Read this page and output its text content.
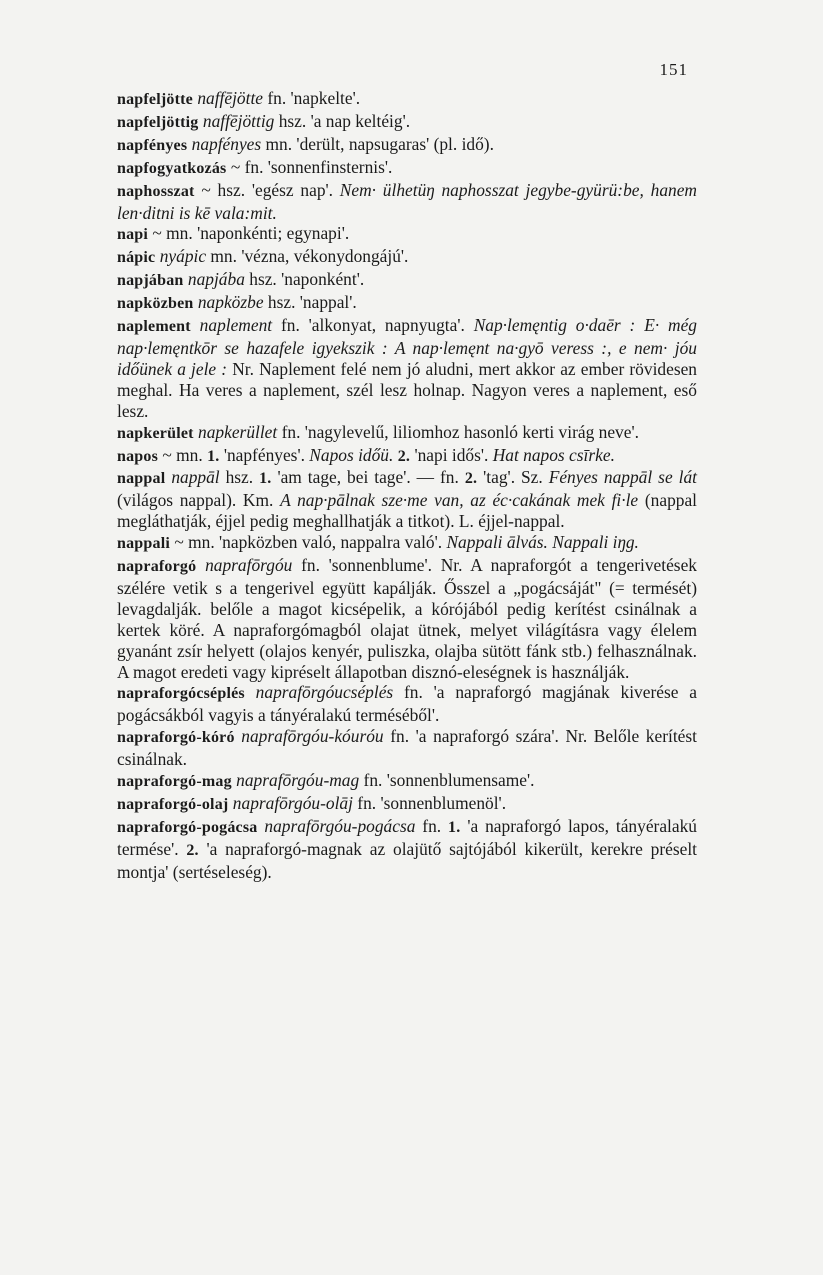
151

napfeljötte naffējötte fn. 'napkelte'.

napfeljöttig naffējöttig hsz. 'a nap keltéig'.

napfényes napfényes mn. 'derült, napsugaras' (pl. idő).

napfogyatkozás ~ fn. 'sonnenfinsternis'.

naphosszat ~ hsz. 'egész nap'. Nem· ülhetüŋ naphosszat jegybe-gyürü:be, hanem len·ditni is kē vala:mit.

napi ~ mn. 'naponkénti; egynapi'.

nápic nyápic mn. 'vézna, vékonydongájú'.

napjában napjába hsz. 'naponként'.

napközben napközbe hsz. 'nappal'.

naplement naplement fn. 'alkonyat, napnyugta'. Nap·lemęntig o·daēr : E· még nap·lemęntkōr se hazafele igyekszik : A nap·lemęnt na·gyō veress :, e nem· jóu időünek a jele : Nr. Naplement felé nem jó aludni, mert akkor az ember rövidesen meghal. Ha veres a naplement, szél lesz holnap. Nagyon veres a naplement, eső lesz.

napkerület napkerüllet fn. 'nagylevelű, liliomhoz hasonló kerti virág neve'.

napos ~ mn. 1. 'napfényes'. Napos időü. 2. 'napi idős'. Hat napos csīrke.

nappal nappāl hsz. 1. 'am tage, bei tage'. — fn. 2. 'tag'. Sz. Fényes nappāl se lát (világos nappal). Km. A nap·pālnak sze·me van, az éc·cakának mek fi·le (nappal megláthatják, éjjel pedig meghallhatják a titkot). L. éjjel-nappal.

nappali ~ mn. 'napközben való, nappalra való'. Nappali ālvás. Nappali iŋg.

napraforgó naprafōrgóu fn. 'sonnenblume'. Nr. A napraforgót a tengerivetések szélére vetik s a tengerivel együtt kapálják. Ősszel a „pogácsáját" (= termését) levagdalják. belőle a magot kicsépelik, a kórójából pedig kerítést csinálnak a kertek köré. A napraforgómagból olajat ütnek, melyet világításra vagy élelem gyanánt zsír helyett (olajos kenyér, puliszka, olajba sütött fánk stb.) felhasználnak. A magot eredeti vagy kipréselt állapotban disznó-eleségnek is használják.

napraforgócséplés naprafōrgóucséplés fn. 'a napraforgó magjának kiverése a pogácsákból vagyis a tányéralakú terméséből'.

napraforgó-kóró naprafōrgóu-kóuróu fn. 'a napraforgó szára'. Nr. Belőle kerítést csinálnak.

napraforgó-mag naprafōrgóu-mag fn. 'sonnenblumensame'.

napraforgó-olaj naprafōrgóu-olāj fn. 'sonnenblumenöl'.

napraforgó-pogácsa naprafōrgóu-pogácsa fn. 1. 'a napraforgó lapos, tányéralakú termése'. 2. 'a napraforgó-magnak az olajütő sajtójából kikerült, kerekre préselt montja' (sertéseleség).
